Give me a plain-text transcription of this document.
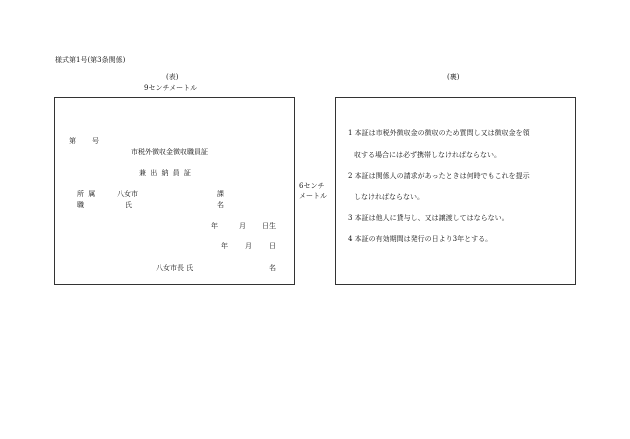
様式第1号(第3条関係)
(表)
9センチメートル
第 号
市税外徴収金徴収職員証
兼 出 納 員 証
所 属	八女市	課
職	氏	名
年	月 日生
年 月 日
八女市長 氏	名
6センチ
メートル
(裏)
1 本証は市税外徴収金の徴収のため質問し又は徴収金を領
収する場合には必ず携帯しなければならない。
2 本証は関係人の請求があったときは何時でもこれを提示
しなければならない。
3 本証は他人に貸与し、又は譲渡してはならない。
4 本証の有効期間は発行の日より3年とする。
